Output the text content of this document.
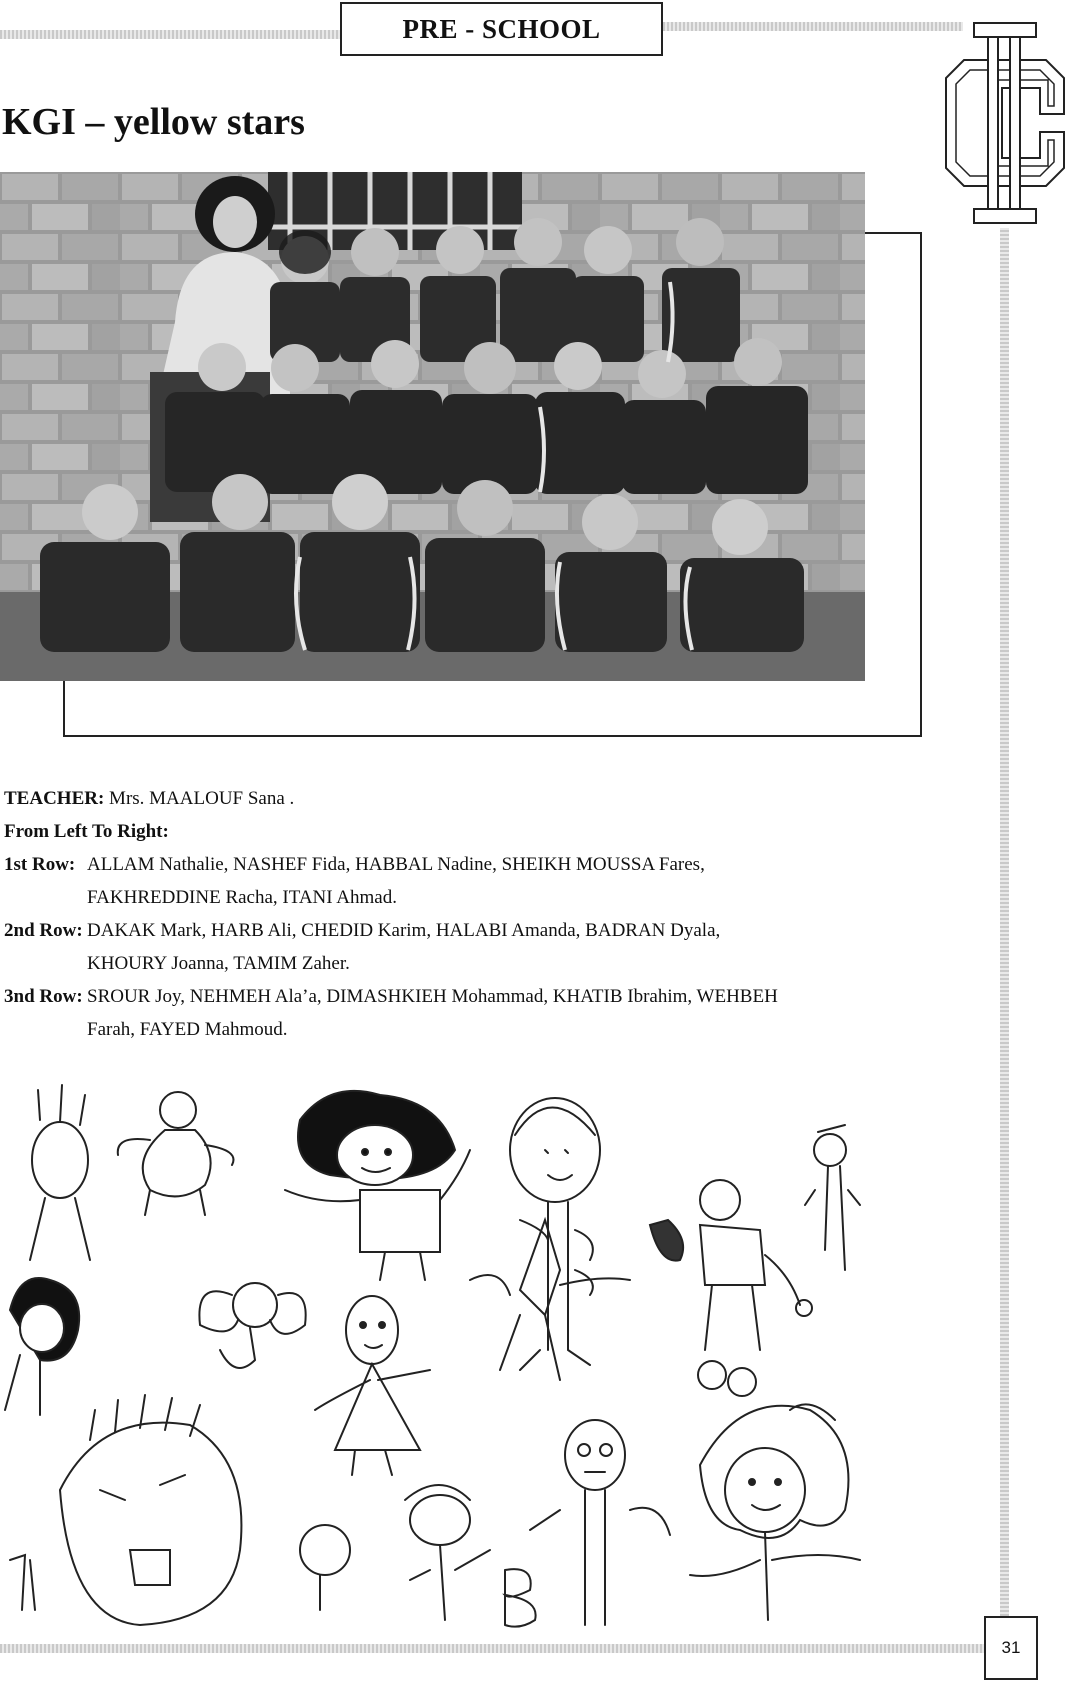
PRE - SCHOOL
KGI – yellow stars
TEACHER: Mrs. MAALOUF Sana .
From Left To Right:
1st Row: ALLAM Nathalie, NASHEF Fida, HABBAL Nadine, SHEIKH MOUSSA Fares,
FAKHREDDINE Racha, ITANI Ahmad.
2nd Row: DAKAK Mark, HARB Ali, CHEDID Karim, HALABI Amanda, BADRAN Dyala,
KHOURY Joanna, TAMIM Zaher.
3nd Row: SROUR Joy, NEHMEH Ala’a, DIMASHKIEH Mohammad, KHATIB Ibrahim, WEHBEH
Farah, FAYED Mahmoud.
31
